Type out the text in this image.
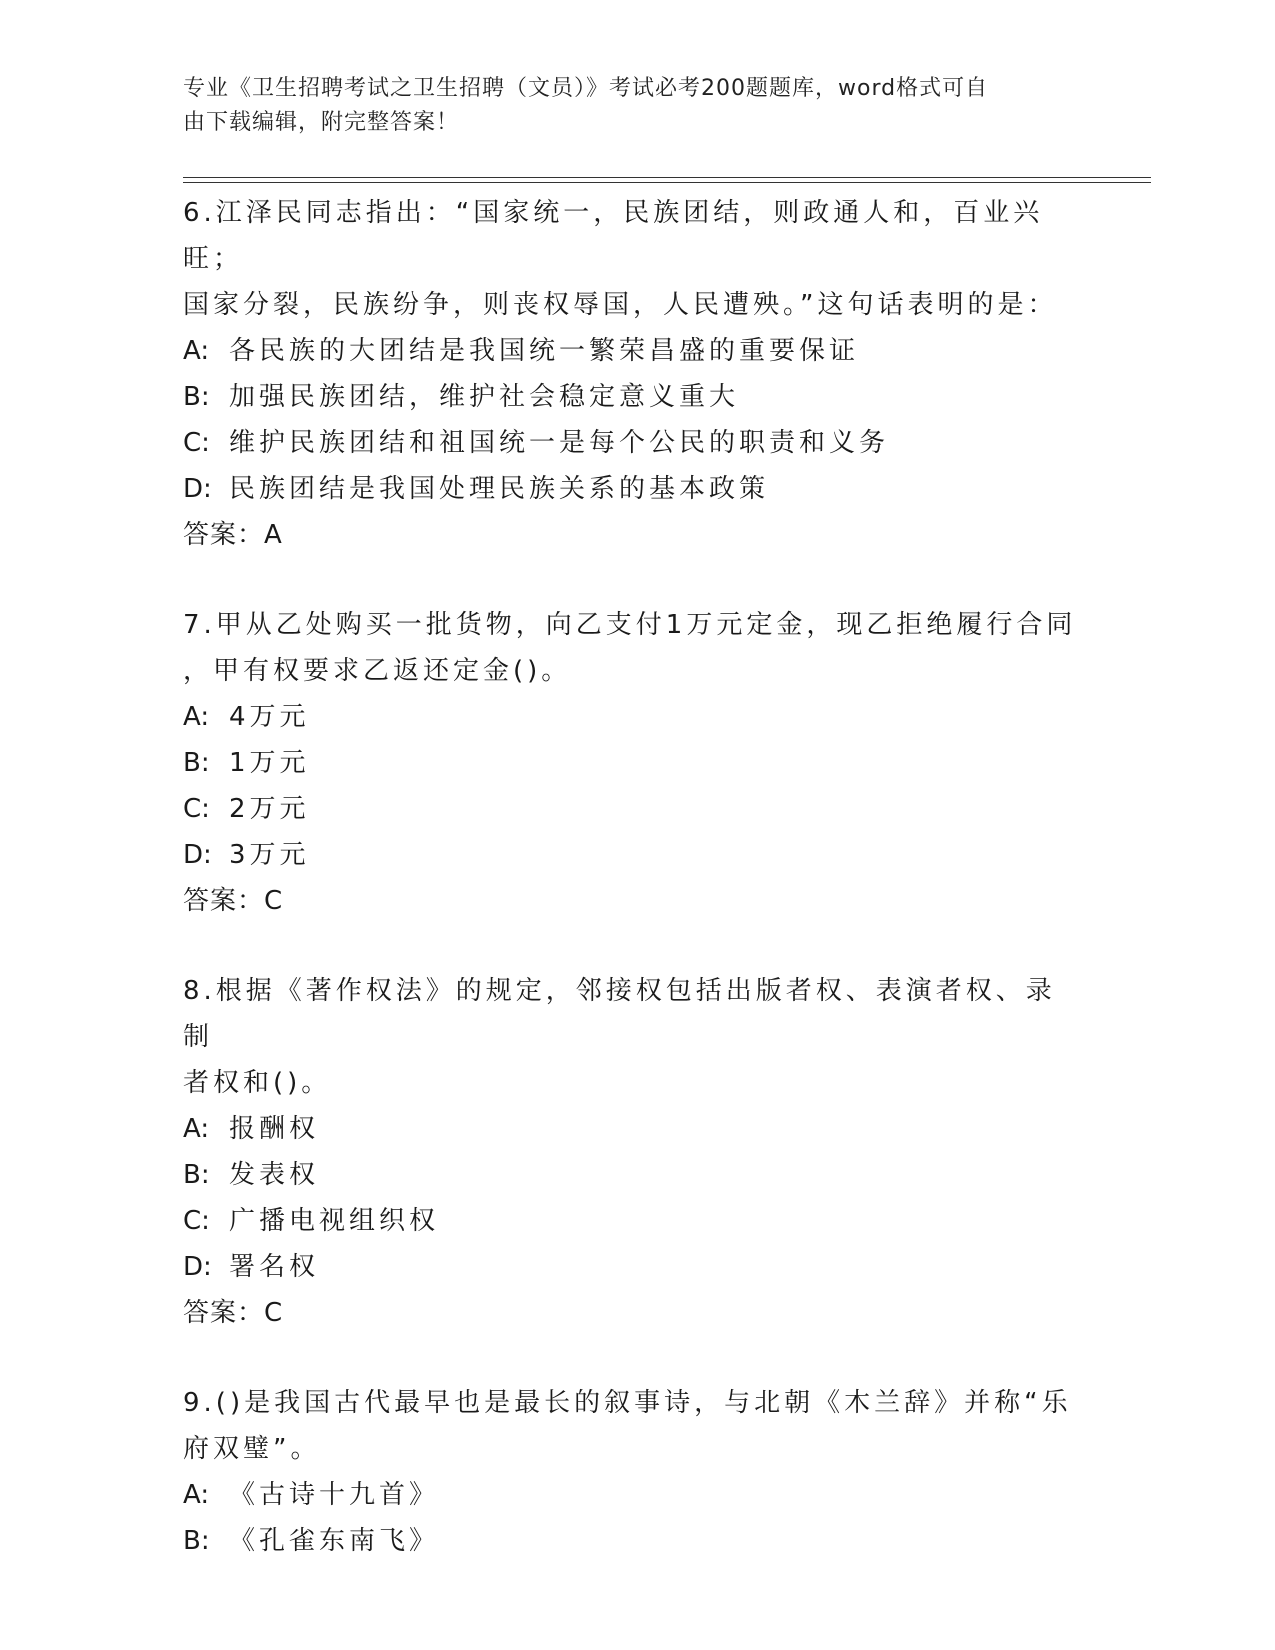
专业《卫生招聘考试之卫生招聘（文员）》考试必考200题题库，word格式可自
由下载编辑，附完整答案！

6.江泽民同志指出：“国家统一，民族团结，则政通人和，百业兴旺；

国家分裂，民族纷争，则丧权辱国，人民遭殃。”这句话表明的是：

A: 各民族的大团结是我国统一繁荣昌盛的重要保证

B: 加强民族团结，维护社会稳定意义重大

C: 维护民族团结和祖国统一是每个公民的职责和义务

D: 民族团结是我国处理民族关系的基本政策

答案：A

7.甲从乙处购买一批货物，向乙支付1万元定金，现乙拒绝履行合同

，甲有权要求乙返还定金()。

A: 4万元

B: 1万元

C: 2万元

D: 3万元

答案：C

8.根据《著作权法》的规定，邻接权包括出版者权、表演者权、录制

者权和()。

A: 报酬权

B: 发表权

C: 广播电视组织权

D: 署名权

答案：C

9.()是我国古代最早也是最长的叙事诗，与北朝《木兰辞》并称“乐

府双璧”。

A: 《古诗十九首》

B: 《孔雀东南飞》
